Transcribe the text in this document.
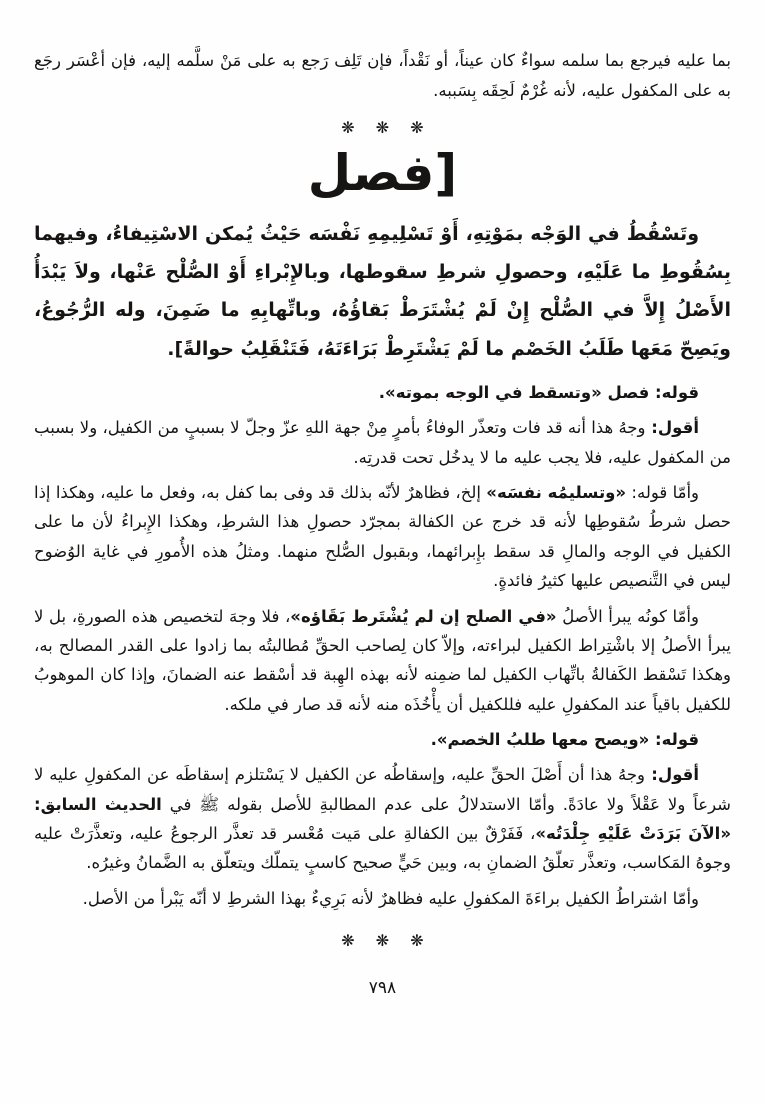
بما عليه فيرجع بما سلمه سواءٌ كان عيناً، أو نَقْداً، فإن تَلِف رَجع به على مَنْ سلَّمه إليه، فإن أعْسَر رجَع به على المكفول عليه، لأنه غُرْمٌ لَحِقَه بِسَببه.

❋ ❋ ❋
[فصل

وتَسْقُطُ في الوَجْه بمَوْتِهِ، أَوْ تَسْلِيمِهِ نَفْسَه حَيْثُ يُمكن الاسْتِيفاءُ، وفيهما بِسُقُوطِ ما عَلَيْهِ، وحصولِ شرطِ سقوطها، وبالإِبْراءِ أَوْ الصُّلْح عَنْها، ولاَ يَبْدَأُ الأَصْلُ إِلاَّ في الصُّلْح إِنْ لَمْ يُشْتَرَطْ بَقاؤُهُ، وباتِّهابِهِ ما ضَمِنَ، وله الرُّجُوعُ، ويَصِحّ مَعَها طَلَبُ الخَصْم ما لَمْ يَشْتَرِطْ بَرَاءَتَهُ، فَتَنْقَلِبُ حوالةً].

قوله: فصل «وتسقط في الوجه بموته».

أقول: وجهُ هذا أنه قد فات وتعذّر الوفاءُ بأمرٍ مِنْ جهة اللهِ عزّ وجلّ لا بسببٍ من الكفيل، ولا بسبب من المكفول عليه، فلا يجب عليه ما لا يدخُل تحت قدرتِه.

وأمّا قوله: «وتسليمُه نفسَه» إلخ، فظاهرٌ لأنّه بذلك قد وفى بما كفل به، وفعل ما عليه، وهكذا إذا حصل شرطُ سُقوطِها لأنه قد خرج عن الكفالة بمجرّد حصولِ هذا الشرطِ، وهكذا الإِبراءُ لأن ما على الكفيل في الوجه والمالِ قد سقط بإِبرائهما، وبقبول الصُّلح منهما. ومثلُ هذه الأُمورِ في غاية الوُضوح ليس في التَّنصيص عليها كثيرُ فائدةٍ.

وأمّا كونُه يبرأ الأصلُ «في الصلح إن لم يُشْتَرط بَقَاؤه»، فلا وجهَ لتخصيص هذه الصورةِ، بل لا يبرأ الأصلُ إلا باشْتِراط الكفيل لبراءته، وإلاّ كان لِصاحب الحقِّ مُطالبتُه بما زادوا على القدر المصالح به، وهكذا تَسْقط الكَفالةُ باتِّهاب الكفيل لما ضمِنه لأنه بهذه الهِبة قد أسْقط عنه الضمانَ، وإذا كان الموهوبُ للكفيل باقياً عند المكفولِ عليه فللكفيل أن يأْخُذَه منه لأنه قد صار في ملكه.

قوله: «ويصح معها طلبُ الخصم».

أقول: وجهُ هذا أن أَصْلَ الحقِّ عليه، وإسقاطُه عن الكفيل لا يَسْتلزم إسقاطَه عن المكفولِ عليه لا شرعاً ولا عَقْلاً ولا عادَةً. وأمّا الاستدلالُ على عدم المطالبةِ للأصل بقوله ﷺ في الحديث السابق: «الآنَ بَرَدَتْ عَلَيْهِ جِلْدَتُه»، فَفَرْقٌ بين الكفالةِ على مَيت مُعْسر قد تعذَّر الرجوعُ عليه، وتعذَّرَتْ عليه وجوهُ المَكاسب، وتعذَّر تعلّقُ الضمانِ به، وبين حَيٍّ صحيح كاسبٍ يتملّك ويتعلّق به الضَّمانُ وغيرُه.

وأمّا اشتراطُ الكفيل براءَةَ المكفولِ عليه فظاهرٌ لأنه بَرِيءٌ بهذا الشرطِ لا أنّه يَبْرأ من الأصل.

❋ ❋ ❋
٧٩٨
